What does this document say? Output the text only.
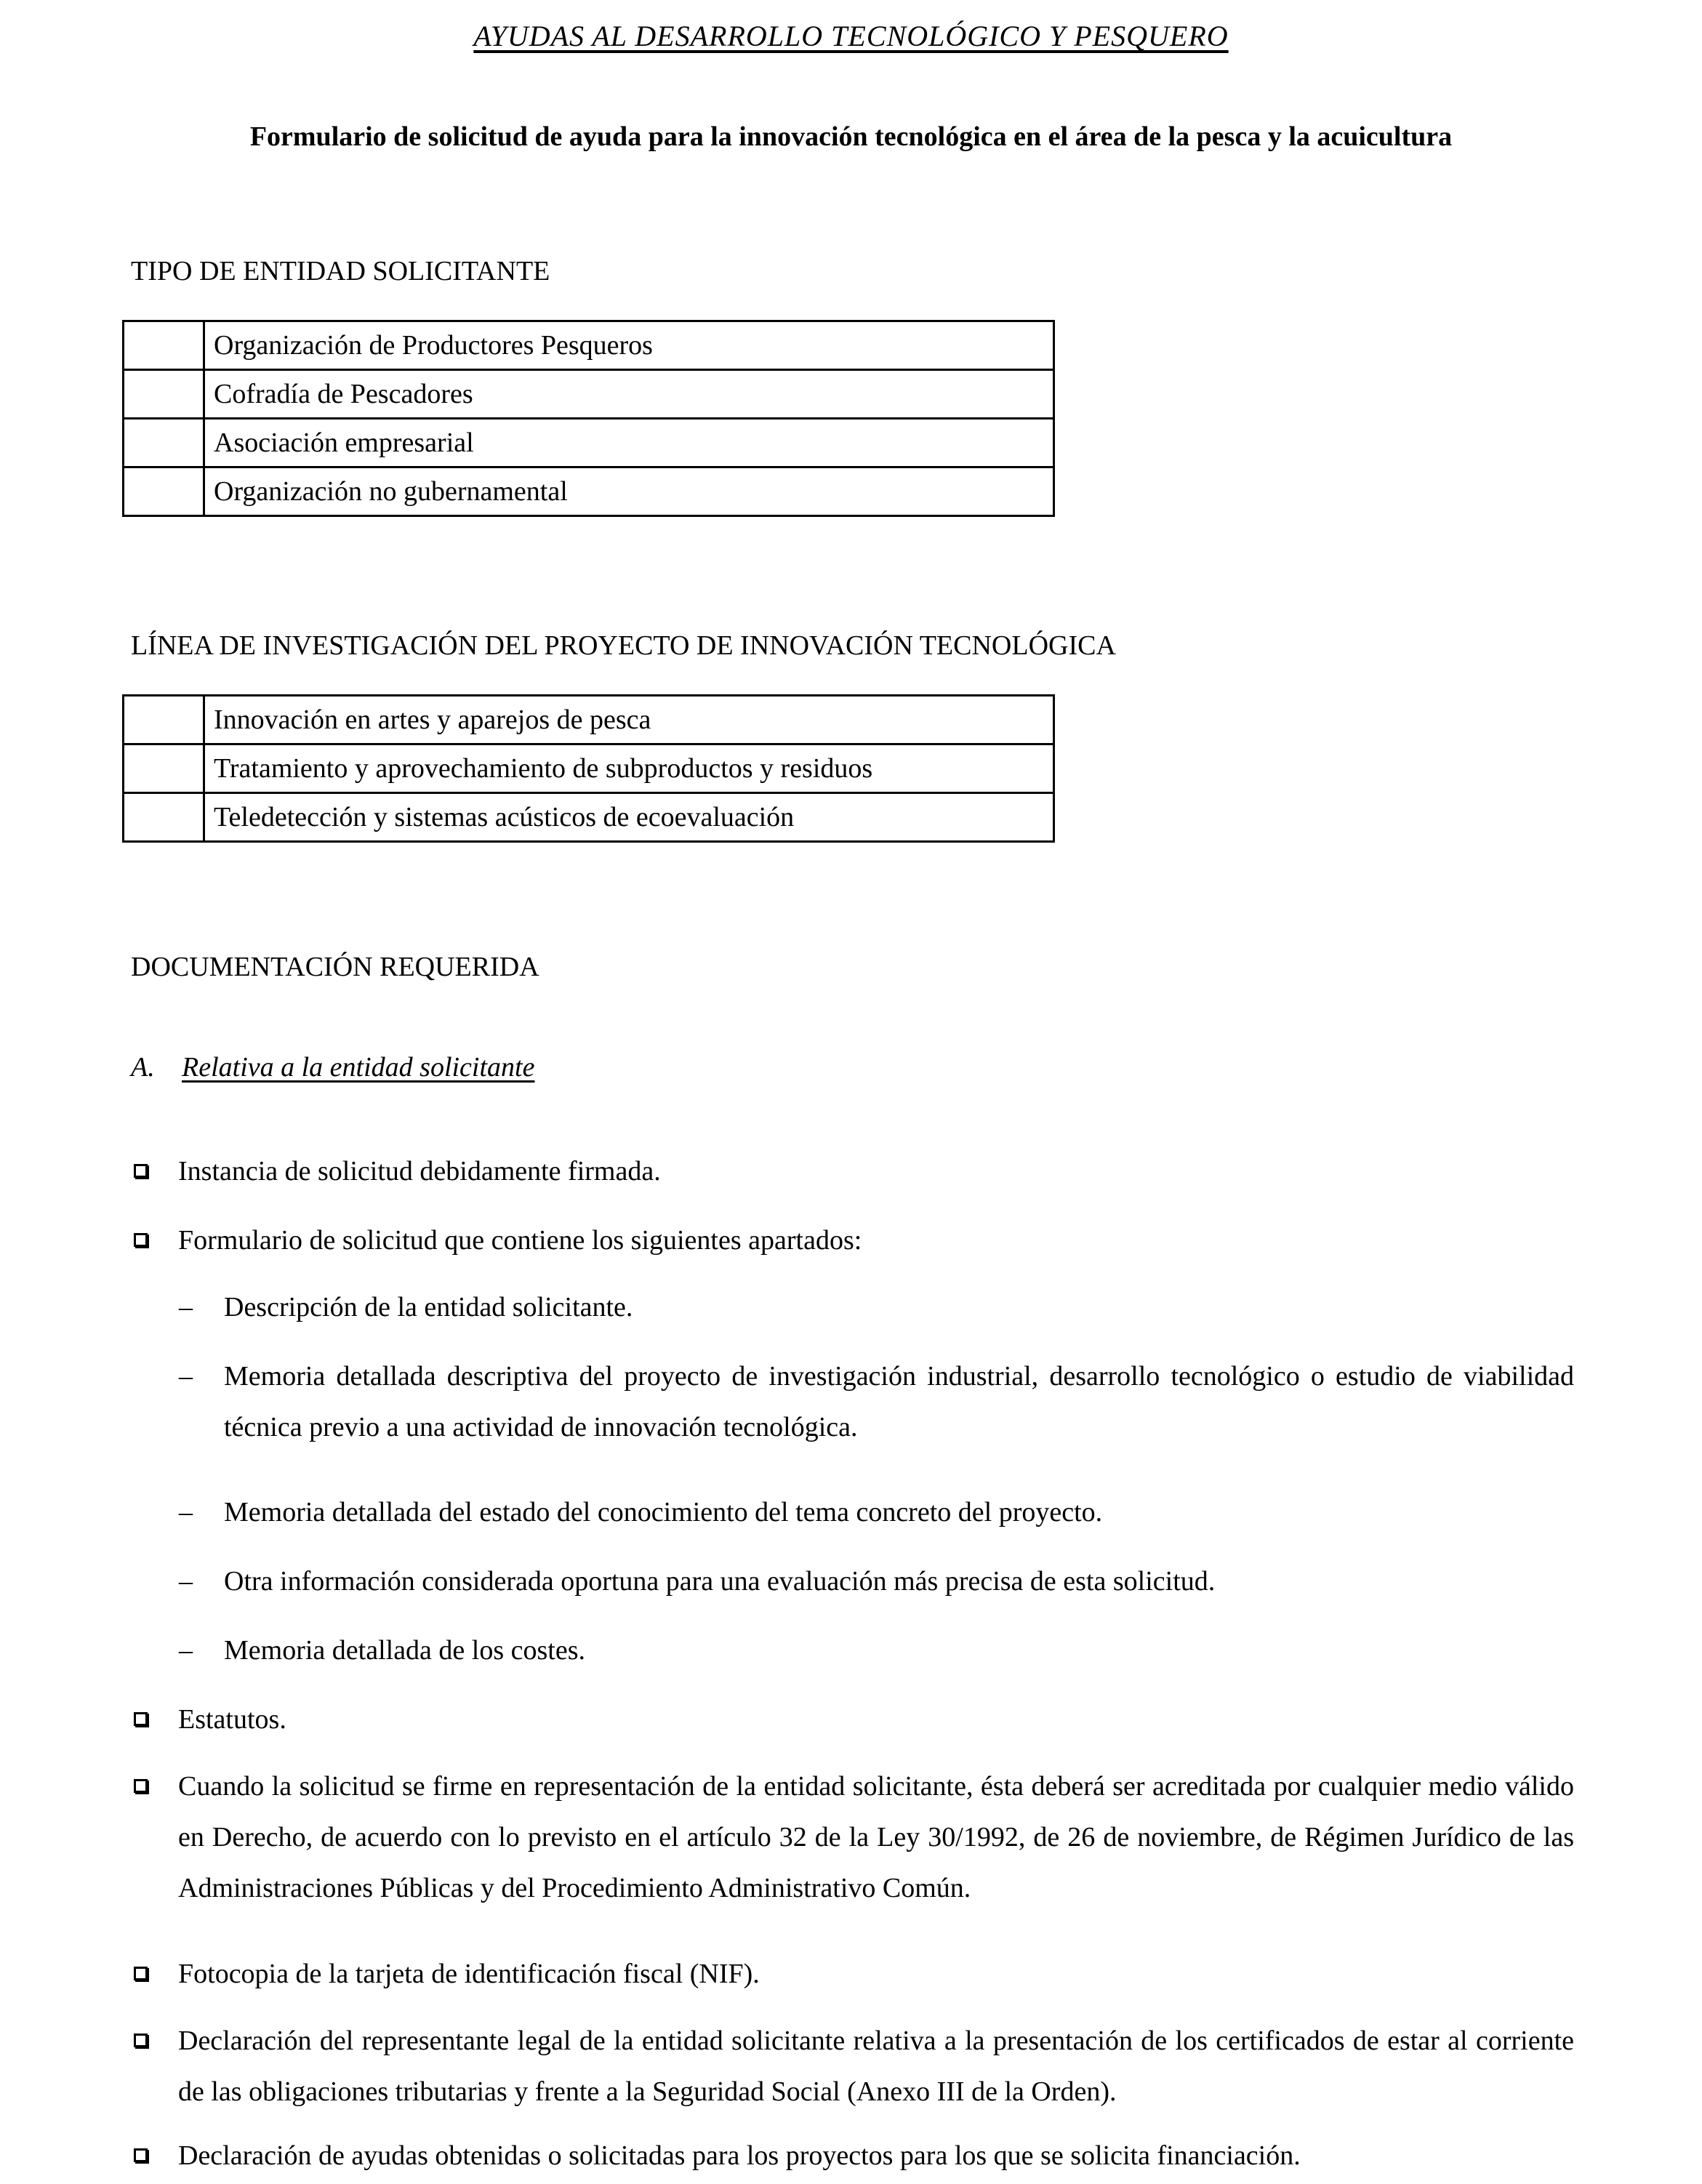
AYUDAS AL DESARROLLO TECNOLÓGICO Y PESQUERO
Formulario de solicitud de ayuda para la innovación tecnológica en el área de la pesca y la acuicultura
TIPO DE ENTIDAD SOLICITANTE
	Organización de Productores Pesqueros
	Cofradía de Pescadores
	Asociación empresarial
	Organización no gubernamental
LÍNEA DE INVESTIGACIÓN DEL PROYECTO DE INNOVACIÓN TECNOLÓGICA
	Innovación en artes y aparejos de pesca
	Tratamiento y aprovechamiento de subproductos y residuos
	Teledetección y sistemas acústicos de ecoevaluación
DOCUMENTACIÓN REQUERIDA
A. Relativa a la entidad solicitante
Instancia de solicitud debidamente firmada.
Formulario de solicitud que contiene los siguientes apartados:
– Descripción de la entidad solicitante.
– Memoria detallada descriptiva del proyecto de investigación industrial, desarrollo tecnológico o estudio de viabilidad técnica previo a una actividad de innovación tecnológica.
– Memoria detallada del estado del conocimiento del tema concreto del proyecto.
– Otra información considerada oportuna para una evaluación más precisa de esta solicitud.
– Memoria detallada de los costes.
Estatutos.
Cuando la solicitud se firme en representación de la entidad solicitante, ésta deberá ser acreditada por cualquier medio válido en Derecho, de acuerdo con lo previsto en el artículo 32 de la Ley 30/1992, de 26 de noviembre, de Régimen Jurídico de las Administraciones Públicas y del Procedimiento Administrativo Común.
Fotocopia de la tarjeta de identificación fiscal (NIF).
Declaración del representante legal de la entidad solicitante relativa a la presentación de los certificados de estar al corriente de las obligaciones tributarias y frente a la Seguridad Social (Anexo III de la Orden).
Declaración de ayudas obtenidas o solicitadas para los proyectos para los que se solicita financiación.
